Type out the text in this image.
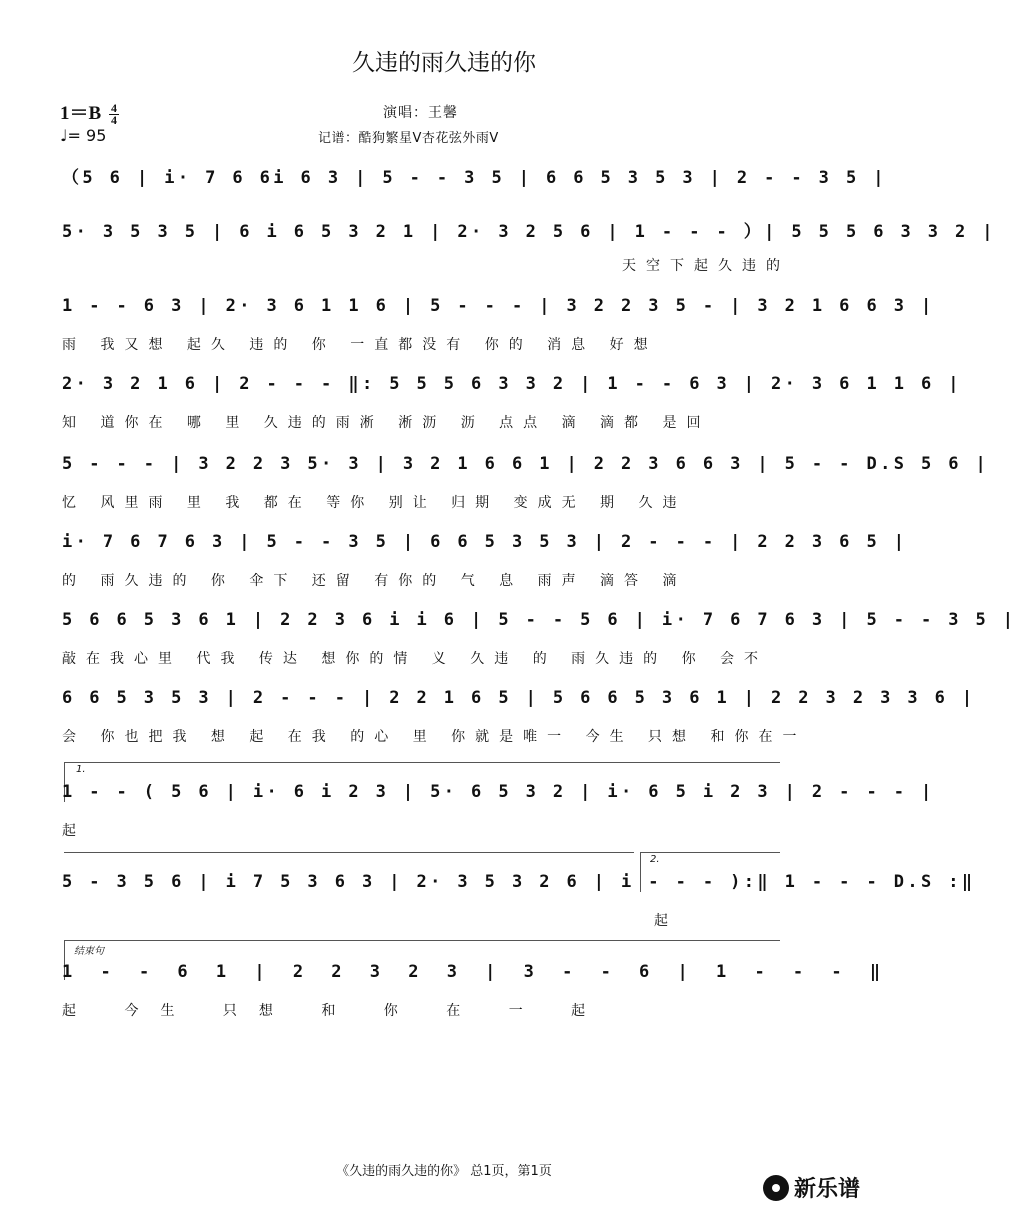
久违的雨久违的你
$1=B \frac{4}{4}$
♩= 95
演唱：王馨
记谱：酷狗繁星V杏花弦外雨V
（5 6 | i· 7 6 6i 6 3 | 5 - - 3 5 | 6 6 5 3 5 3 | 2 - - 3 5 |
5· 3 5 3 5 | 6 i 6 5 3 2 1 | 2· 3 2 5 6 | 1 - - - ）| 5 5 5 6 3 3 2 |
天空下起久违的
1 - - 6 3 | 2· 3 6 1 1 6 | 5 - - - | 3 2 2 3 5 - | 3 2 1 6 6 3 |
雨 我又想 起久 违的 你 一直都没有 你的 消息 好想
2· 3 2 1 6 | 2 - - - ‖: 5 5 5 6 3 3 2 | 1 - - 6 3 | 2· 3 6 1 1 6 |
知 道你在 哪 里 久违的雨淅 淅沥 沥 点点 滴 滴都 是回
5 - - - | 3 2 2 3 5· 3 | 3 2 1 6 6 1 | 2 2 3 6 6 3 | 5 - - D.S 5 6 |
忆 风里雨 里 我 都在 等你 别让 归期 变成无 期 久违
i· 7 6 7 6 3 | 5 - - 3 5 | 6 6 5 3 5 3 | 2 - - - | 2 2 3 6 5 |
的 雨久违的 你 伞下 还留 有你的 气 息 雨声 滴答 滴
5 6 6 5 3 6 1 | 2 2 3 6 i i 6 | 5 - - 5 6 | i· 7 6 7 6 3 | 5 - - 3 5 |
敲在我心里 代我 传达 想你的情 义 久违 的 雨久违的 你 会不
6 6 5 3 5 3 | 2 - - - | 2 2 1 6 5 | 5 6 6 5 3 6 1 | 2 2 3 2 3 3 6 |
会 你也把我 想 起 在我 的心 里 你就是唯一 今生 只想 和你在一
1.
1 - - ( 5 6 | i· 6 i 2 3 | 5· 6 5 3 2 | i· 6 5 i 2 3 | 2 - - - |
起
2.
5 - 3 5 6 | i 7 5 3 6 3 | 2· 3 5 3 2 6 | i - - - ):‖ 1 - - - D.S :‖
起
结束句
1 - - 6 1 | 2 2 3 2 3 | 3 - - 6 | 1 - - - ‖
起 今生 只想 和 你 在 一 起
《久违的雨久违的你》 总1页，第1页
新乐谱
